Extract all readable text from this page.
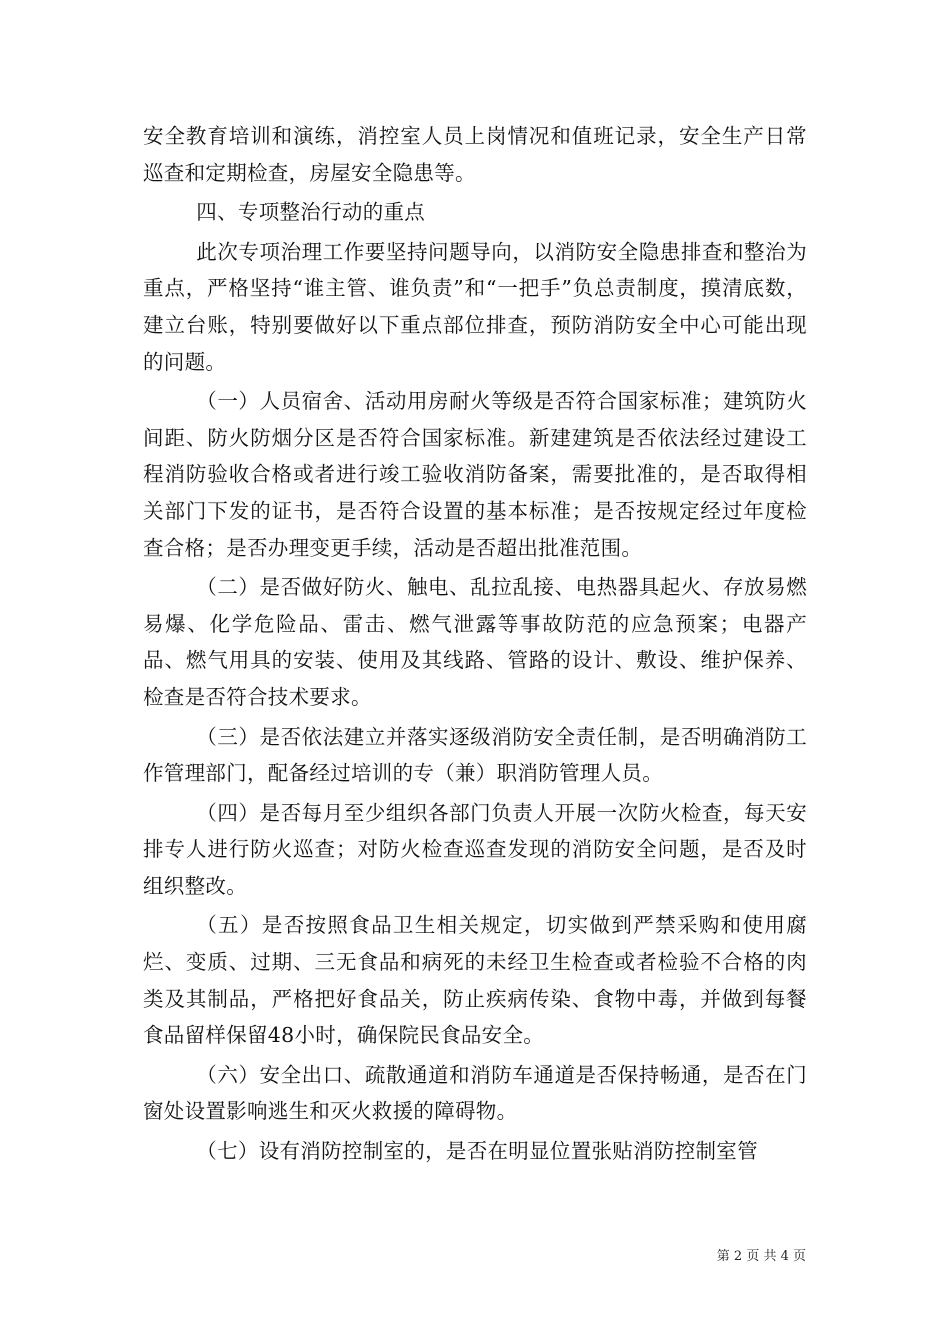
安全教育培训和演练，消控室人员上岗情况和值班记录，安全生产日常巡查和定期检查，房屋安全隐患等。

四、专项整治行动的重点

此次专项治理工作要坚持问题导向，以消防安全隐患排查和整治为重点，严格坚持“谁主管、谁负责”和“一把手”负总责制度，摸清底数，建立台账，特别要做好以下重点部位排查，预防消防安全中心可能出现的问题。

（一）人员宿舍、活动用房耐火等级是否符合国家标准；建筑防火间距、防火防烟分区是否符合国家标准。新建建筑是否依法经过建设工程消防验收合格或者进行竣工验收消防备案，需要批准的，是否取得相关部门下发的证书，是否符合设置的基本标准；是否按规定经过年度检查合格；是否办理变更手续，活动是否超出批准范围。

（二）是否做好防火、触电、乱拉乱接、电热器具起火、存放易燃易爆、化学危险品、雷击、燃气泄露等事故防范的应急预案；电器产品、燃气用具的安装、使用及其线路、管路的设计、敷设、维护保养、检查是否符合技术要求。

（三）是否依法建立并落实逐级消防安全责任制，是否明确消防工作管理部门，配备经过培训的专（兼）职消防管理人员。

（四）是否每月至少组织各部门负责人开展一次防火检查，每天安排专人进行防火巡查；对防火检查巡查发现的消防安全问题，是否及时组织整改。

（五）是否按照食品卫生相关规定，切实做到严禁采购和使用腐烂、变质、过期、三无食品和病死的未经卫生检查或者检验不合格的肉类及其制品，严格把好食品关，防止疾病传染、食物中毒，并做到每餐食品留样保留48小时，确保院民食品安全。

（六）安全出口、疏散通道和消防车通道是否保持畅通，是否在门窗处设置影响逃生和灭火救援的障碍物。

（七）设有消防控制室的，是否在明显位置张贴消防控制室管

第 2 页 共 4 页
